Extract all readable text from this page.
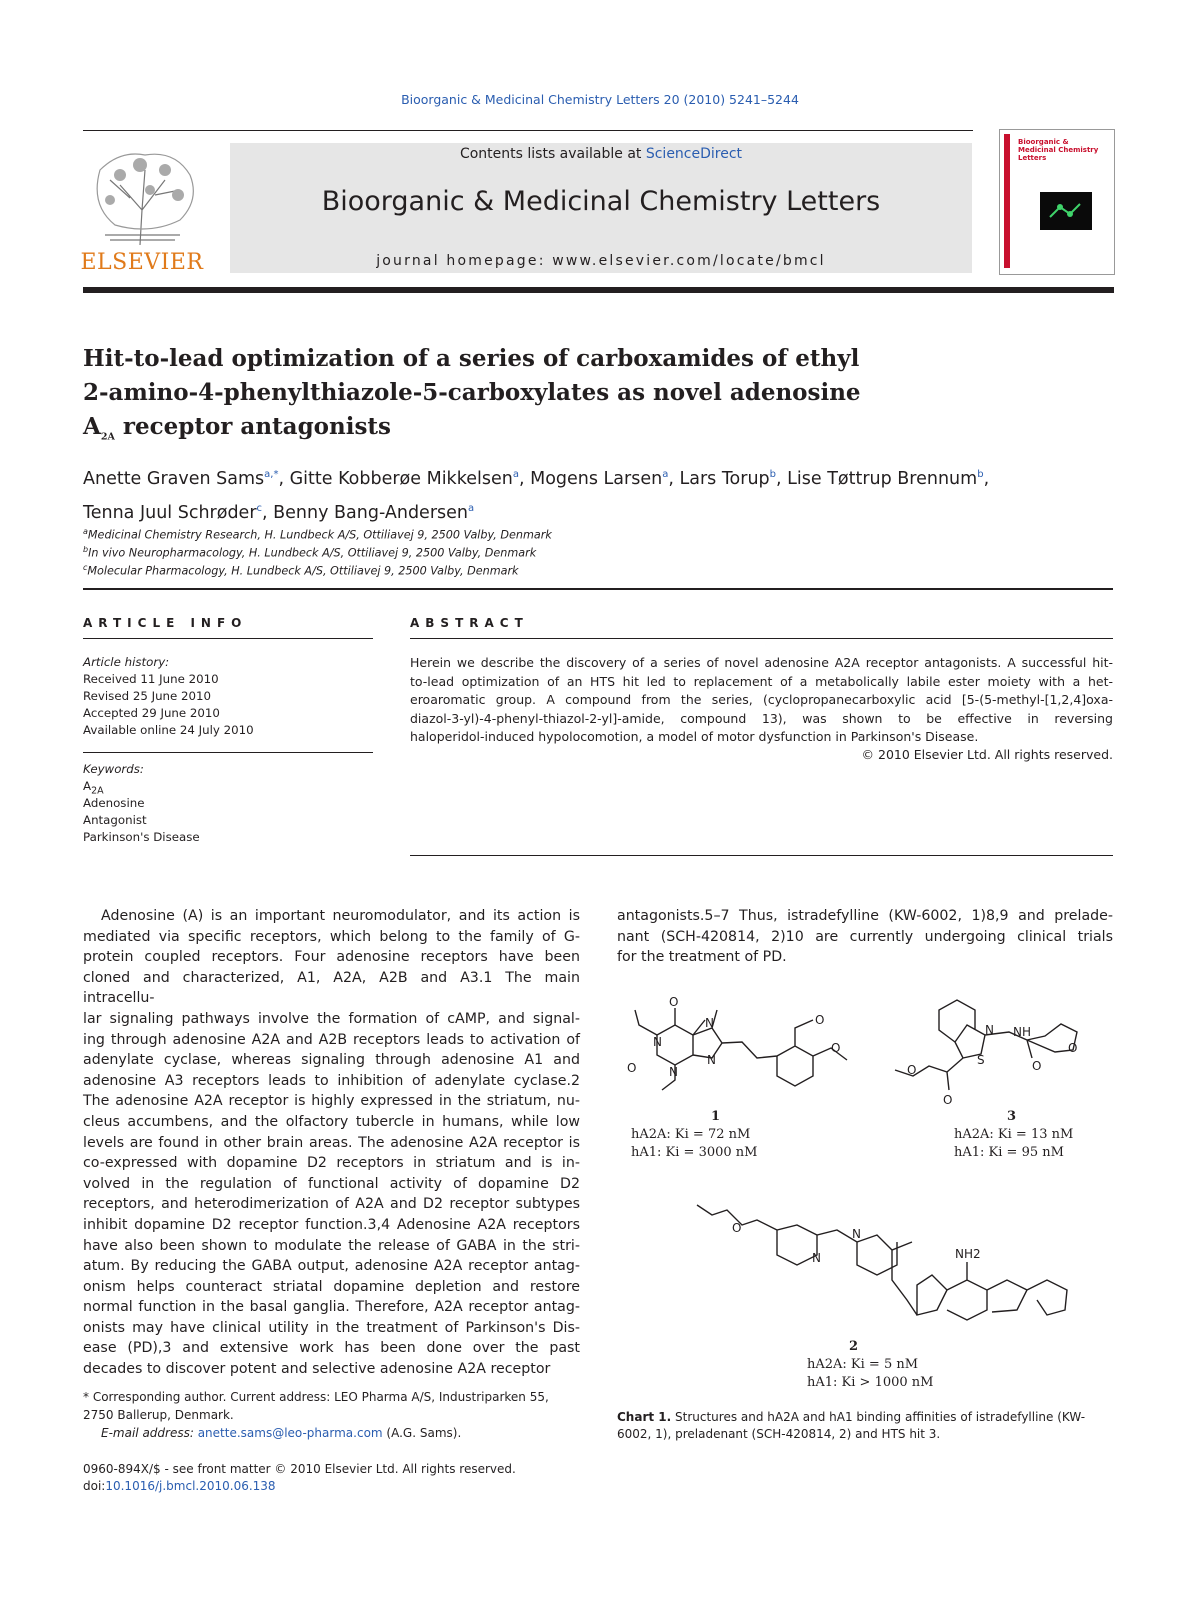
Bioorganic & Medicinal Chemistry Letters 20 (2010) 5241–5244
ELSEVIER
Contents lists available at ScienceDirect
Bioorganic & Medicinal Chemistry Letters
journal homepage: www.elsevier.com/locate/bmcl
Bioorganic & Medicinal Chemistry Letters
Hit-to-lead optimization of a series of carboxamides of ethyl
2-amino-4-phenylthiazole-5-carboxylates as novel adenosine
$A_{2A}$ receptor antagonists
Anette Graven Sams$^{a,*}$, Gitte Kobberøe Mikkelsen$^a$, Mogens Larsen$^a$, Lars Torup$^b$, Lise Tøttrup Brennum$^b$,
Tenna Juul Schrøder$^c$, Benny Bang-Andersen$^a$
$^a$Medicinal Chemistry Research, H. Lundbeck A/S, Ottiliavej 9, 2500 Valby, Denmark
$^b$In vivo Neuropharmacology, H. Lundbeck A/S, Ottiliavej 9, 2500 Valby, Denmark
$^c$Molecular Pharmacology, H. Lundbeck A/S, Ottiliavej 9, 2500 Valby, Denmark
ARTICLE INFO
Article history:
Received 11 June 2010
Revised 25 June 2010
Accepted 29 June 2010
Available online 24 July 2010
Keywords:
$A_{2A}$
Adenosine
Antagonist
Parkinson's Disease
ABSTRACT
Herein we describe the discovery of a series of novel adenosine A2A receptor antagonists. A successful hit-
to-lead optimization of an HTS hit led to replacement of a metabolically labile ester moiety with a het-
eroaromatic group. A compound from the series, (cyclopropanecarboxylic acid [5-(5-methyl-[1,2,4]oxa-
diazol-3-yl)-4-phenyl-thiazol-2-yl]-amide, compound 13), was shown to be effective in reversing
haloperidol-induced hypolocomotion, a model of motor dysfunction in Parkinson's Disease.
© 2010 Elsevier Ltd. All rights reserved.
Adenosine (A) is an important neuromodulator, and its action is
mediated via specific receptors, which belong to the family of G-
protein coupled receptors. Four adenosine receptors have been
cloned and characterized, A1, A2A, A2B and A3.1 The main intracellu-
lar signaling pathways involve the formation of cAMP, and signal-
ing through adenosine A2A and A2B receptors leads to activation of
adenylate cyclase, whereas signaling through adenosine A1 and
adenosine A3 receptors leads to inhibition of adenylate cyclase.2
The adenosine A2A receptor is highly expressed in the striatum, nu-
cleus accumbens, and the olfactory tubercle in humans, while low
levels are found in other brain areas. The adenosine A2A receptor is
co-expressed with dopamine D2 receptors in striatum and is in-
volved in the regulation of functional activity of dopamine D2
receptors, and heterodimerization of A2A and D2 receptor subtypes
inhibit dopamine D2 receptor function.3,4 Adenosine A2A receptors
have also been shown to modulate the release of GABA in the stri-
atum. By reducing the GABA output, adenosine A2A receptor antag-
onism helps counteract striatal dopamine depletion and restore
normal function in the basal ganglia. Therefore, A2A receptor antag-
onists may have clinical utility in the treatment of Parkinson's Dis-
ease (PD),3 and extensive work has been done over the past
decades to discover potent and selective adenosine A2A receptor
antagonists.5–7 Thus, istradefylline (KW-6002, 1)8,9 and prelade-
nant (SCH-420814, 2)10 are currently undergoing clinical trials
for the treatment of PD.
O
N
O	N
N
N
O
O
N
S
NH
O
O
O
O
NH2
N
N
O
1
hA2A: Ki = 72 nM
hA1: Ki = 3000 nM
3
hA2A: Ki = 13 nM
hA1: Ki = 95 nM
2
hA2A: Ki = 5 nM
hA1: Ki > 1000 nM
Chart 1. Structures and hA2A and hA1 binding affinities of istradefylline (KW-6002, 1), preladenant (SCH-420814, 2) and HTS hit 3.
* Corresponding author. Current address: LEO Pharma A/S, Industriparken 55,
2750 Ballerup, Denmark.
E-mail address: anette.sams@leo-pharma.com (A.G. Sams).
0960-894X/$ - see front matter © 2010 Elsevier Ltd. All rights reserved.
doi:10.1016/j.bmcl.2010.06.138
